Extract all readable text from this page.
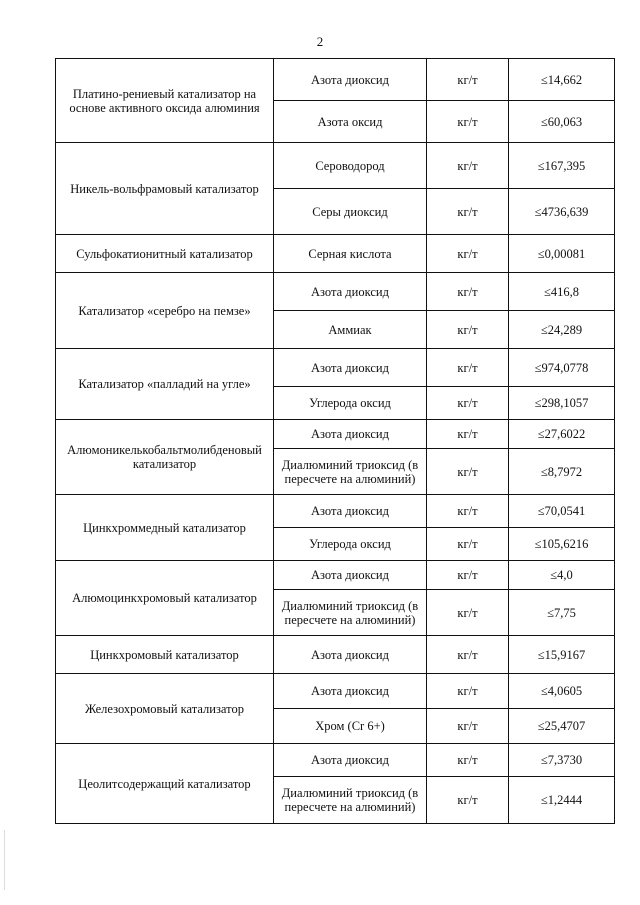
2
Платино-рениевый катализатор на основе активного оксида алюминия	Азота диоксид	кг/т	≤14,662
	Азота оксид	кг/т	≤60,063
Никель-вольфрамовый катализатор	Сероводород	кг/т	≤167,395
	Серы диоксид	кг/т	≤4736,639
Сульфокатионитный катализатор	Серная кислота	кг/т	≤0,00081
Катализатор «серебро на пемзе»	Азота диоксид	кг/т	≤416,8
	Аммиак	кг/т	≤24,289
Катализатор «палладий на угле»	Азота диоксид	кг/т	≤974,0778
	Углерода оксид	кг/т	≤298,1057
Алюмоникелькобальтмолибденовый катализатор	Азота диоксид	кг/т	≤27,6022
	Диалюминий триоксид (в пересчете на алюминий)	кг/т	≤8,7972
Цинкхроммедный катализатор	Азота диоксид	кг/т	≤70,0541
	Углерода оксид	кг/т	≤105,6216
Алюмоцинкхромовый катализатор	Азота диоксид	кг/т	≤4,0
	Диалюминий триоксид (в пересчете на алюминий)	кг/т	≤7,75
Цинкхромовый катализатор	Азота диоксид	кг/т	≤15,9167
Железохромовый катализатор	Азота диоксид	кг/т	≤4,0605
	Хром (Cr 6+)	кг/т	≤25,4707
Цеолитсодержащий катализатор	Азота диоксид	кг/т	≤7,3730
	Диалюминий триоксид (в пересчете на алюминий)	кг/т	≤1,2444
